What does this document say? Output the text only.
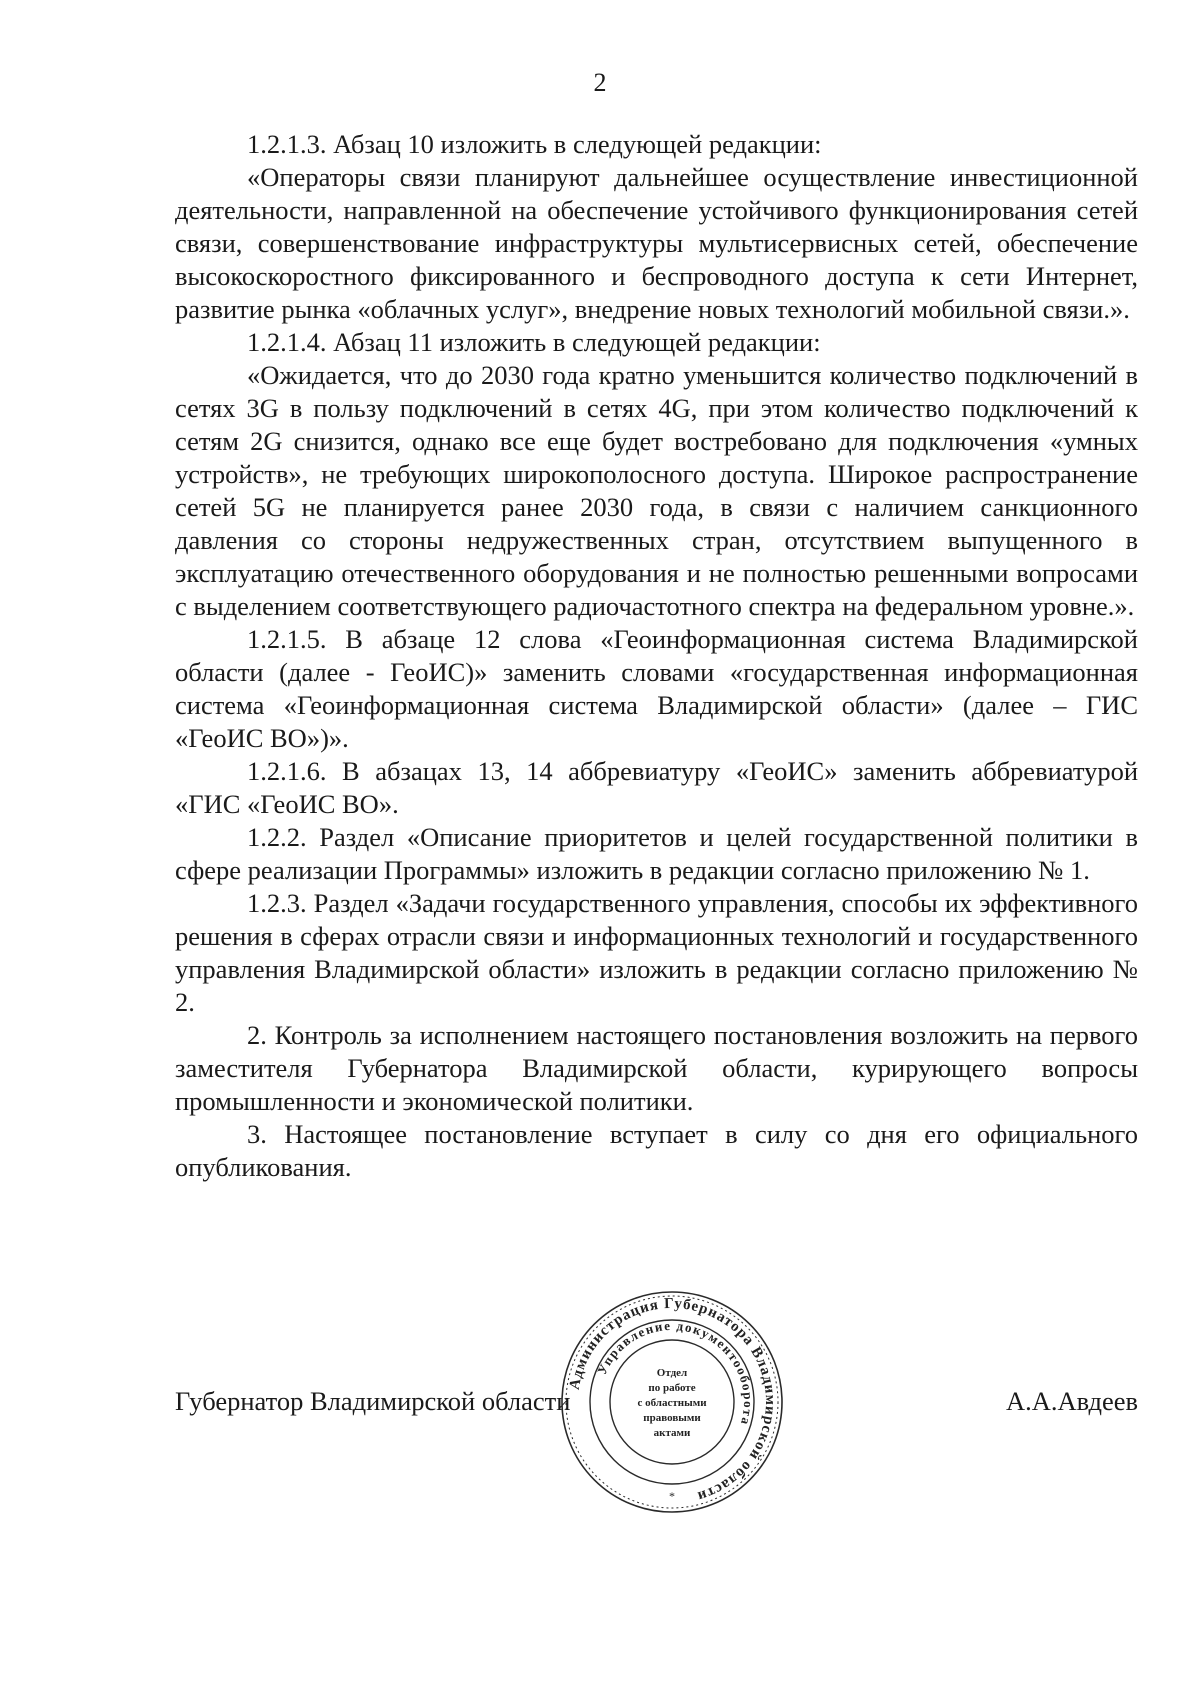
2

1.2.1.3. Абзац 10 изложить в следующей редакции:

«Операторы связи планируют дальнейшее осуществление инвестиционной деятельности, направленной на обеспечение устойчивого функционирования сетей связи, совершенствование инфраструктуры мультисервисных сетей, обеспечение высокоскоростного фиксированного и беспроводного доступа к сети Интернет, развитие рынка «облачных услуг», внедрение новых технологий мобильной связи.».

1.2.1.4. Абзац 11 изложить в следующей редакции:

«Ожидается, что до 2030 года кратно уменьшится количество подключений в сетях 3G в пользу подключений в сетях 4G, при этом количество подключений к сетям 2G снизится, однако все еще будет востребовано для подключения «умных устройств», не требующих широкополосного доступа. Широкое распространение сетей 5G не планируется ранее 2030 года, в связи с наличием санкционного давления со стороны недружественных стран, отсутствием выпущенного в эксплуатацию отечественного оборудования и не полностью решенными вопросами с выделением соответствующего радиочастотного спектра на федеральном уровне.».

1.2.1.5. В абзаце 12 слова «Геоинформационная система Владимирской области (далее - ГеоИС)» заменить словами «государственная информационная система «Геоинформационная система Владимирской области» (далее – ГИС «ГеоИС ВО»)».

1.2.1.6. В абзацах 13, 14 аббревиатуру «ГеоИС» заменить аббревиатурой «ГИС «ГеоИС ВО».

1.2.2. Раздел «Описание приоритетов и целей государственной политики в сфере реализации Программы» изложить в редакции согласно приложению № 1.

1.2.3. Раздел «Задачи государственного управления, способы их эффективного решения в сферах отрасли связи и информационных технологий и государственного управления Владимирской области» изложить в редакции согласно приложению № 2.

2. Контроль за исполнением настоящего постановления возложить на первого заместителя Губернатора Владимирской области, курирующего вопросы промышленности и экономической политики.

3. Настоящее постановление вступает в силу со дня его официального опубликования.

Губернатор Владимирской области	А.А.Авдеев
Администрация Губернатора Владимирской области
Управление документооборота
Отдел
по работе
с областными
правовыми
актами
*
